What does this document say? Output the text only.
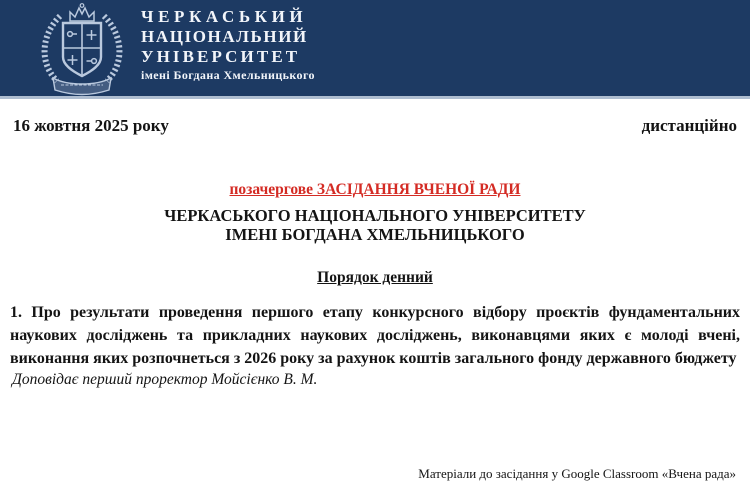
ЧЕРКАСЬКИЙ
НАЦІОНАЛЬНИЙ
УНІВЕРСИТЕТ
імені Богдана Хмельницького
16 жовтня 2025 року	дистанційно
позачергове ЗАСІДАННЯ ВЧЕНОЇ РАДИ
ЧЕРКАСЬКОГО НАЦІОНАЛЬНОГО УНІВЕРСИТЕТУ
ІМЕНІ БОГДАНА ХМЕЛЬНИЦЬКОГО
Порядок денний

1. Про результати проведення першого етапу конкурсного відбору проєктів фундаментальних наукових досліджень та прикладних наукових досліджень, виконавцями яких є молоді вчені, виконання яких розпочнеться з 2026 року за рахунок коштів загального фонду державного бюджету

Доповідає перший проректор Мойсієнко В. М.

Матеріали до засідання у Google Classroom «Вчена рада»
